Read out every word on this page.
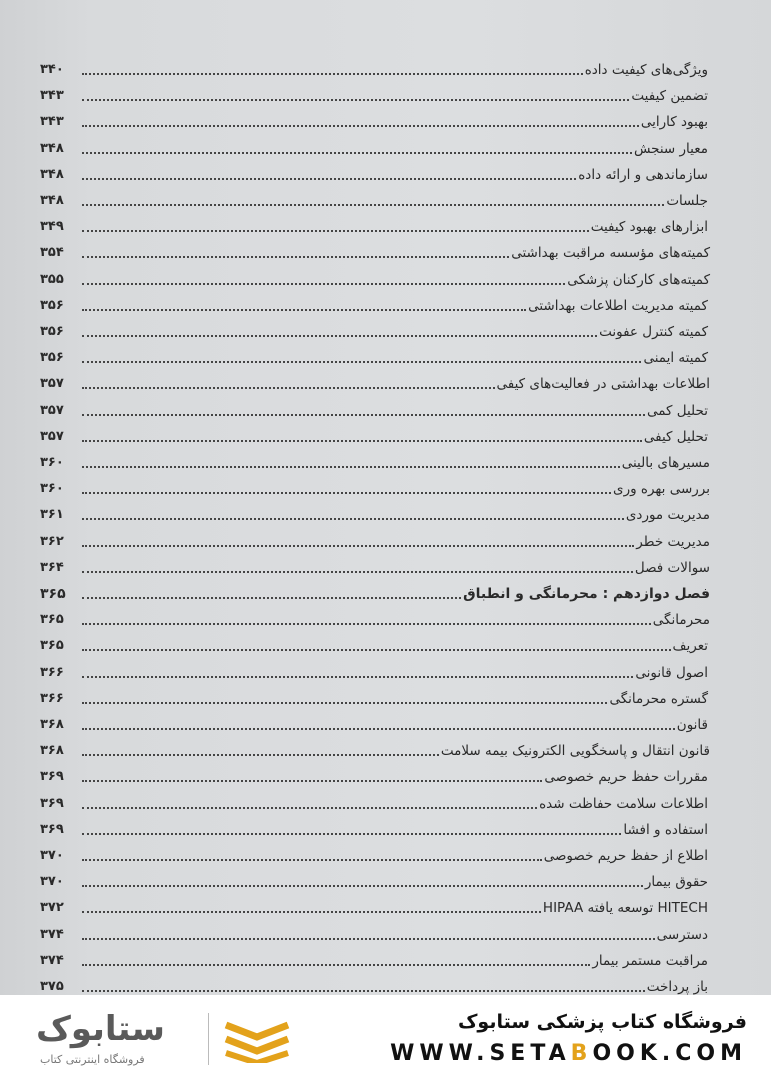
ویژگی‌های کیفیت داده
۳۴۰
تضمین کیفیت
۳۴۳
بهبود کارایی
۳۴۳
معیار سنجش
۳۴۸
سازماندهی و ارائه داده
۳۴۸
جلسات
۳۴۸
ابزارهای بهبود کیفیت
۳۴۹
کمیته‌های مؤسسه مراقبت بهداشتی
۳۵۴
کمیته‌های کارکنان پزشکی
۳۵۵
کمیته مدیریت اطلاعات بهداشتی
۳۵۶
کمیته کنترل عفونت
۳۵۶
کمیته ایمنی
۳۵۶
اطلاعات بهداشتی در فعالیت‌های کیفی
۳۵۷
تحلیل کمی
۳۵۷
تحلیل کیفی
۳۵۷
مسیرهای بالینی
۳۶۰
بررسی بهره وری
۳۶۰
مدیریت موردی
۳۶۱
مدیریت خطر
۳۶۲
سوالات فصل
۳۶۴
فصل دوازدهم : محرمانگی و انطباق
۳۶۵
محرمانگی
۳۶۵
تعریف
۳۶۵
اصول قانونی
۳۶۶
گستره محرمانگی
۳۶۶
قانون
۳۶۸
قانون انتقال و پاسخگویی الکترونیک بیمه سلامت
۳۶۸
مقررات حفظ حریم خصوصی
۳۶۹
اطلاعات سلامت حفاظت شده
۳۶۹
استفاده و افشا
۳۶۹
اطلاع از حفظ حریم خصوصی
۳۷۰
حقوق بیمار
۳۷۰
HITECH توسعه یافته HIPAA
۳۷۲
دسترسی
۳۷۴
مراقبت مستمر بیمار
۳۷۴
باز پرداخت
۳۷۵
ستابوک
فروشگاه اینترنتی کتاب
فروشگاه کتاب پزشکی ستابوک
WWW.SETABOOK.COM
